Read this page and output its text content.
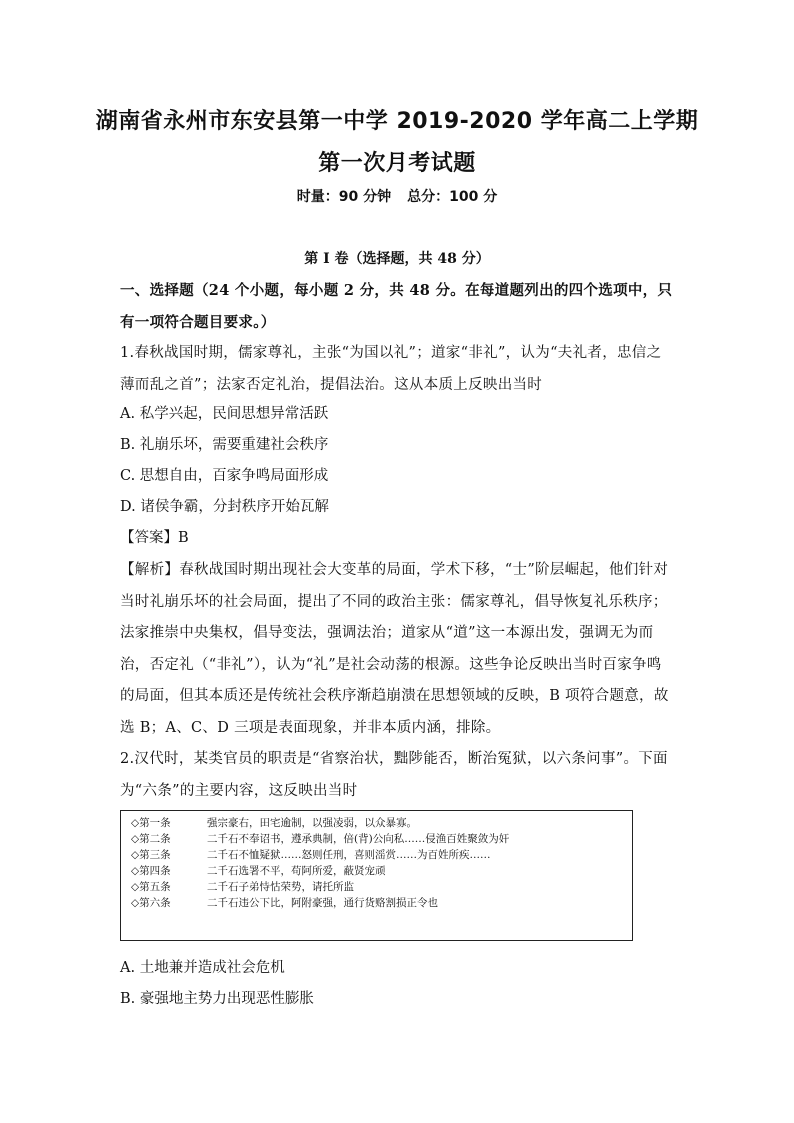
湖南省永州市东安县第一中学 2019-2020 学年高二上学期
第一次月考试题
时量：90 分钟 总分：100 分
第 I 卷（选择题，共 48 分）
一、选择题（24 个小题，每小题 2 分，共 48 分。在每道题列出的四个选项中，只有一项符合题目要求。）
1.春秋战国时期，儒家尊礼，主张“为国以礼”；道家“非礼”，认为“夫礼者，忠信之薄而乱之首”；法家否定礼治，提倡法治。这从本质上反映出当时
A. 私学兴起，民间思想异常活跃
B. 礼崩乐坏，需要重建社会秩序
C. 思想自由，百家争鸣局面形成
D. 诸侯争霸，分封秩序开始瓦解
【答案】B
【解析】春秋战国时期出现社会大变革的局面，学术下移，“士”阶层崛起，他们针对当时礼崩乐坏的社会局面，提出了不同的政治主张：儒家尊礼，倡导恢复礼乐秩序；法家推崇中央集权，倡导变法，强调法治；道家从“道”这一本源出发，强调无为而治，否定礼（“非礼”），认为“礼”是社会动荡的根源。这些争论反映出当时百家争鸣的局面，但其本质还是传统社会秩序渐趋崩溃在思想领域的反映，B 项符合题意，故选 B；A、C、D 三项是表面现象，并非本质内涵，排除。
2.汉代时，某类官员的职责是“省察治状，黜陟能否，断治冤狱，以六条问事”。下面为“六条”的主要内容，这反映出当时
◇第一条	强宗豪右，田宅逾制，以强凌弱，以众暴寡。
◇第二条	二千石不奉诏书，遵承典制，倍(背)公向私……侵渔百姓聚敛为奸
◇第三条	二千石不恤疑狱……怒则任刑，喜则滛赏……为百姓所疾……
◇第四条	二千石选署不平，苟阿所爱，蔽贤宠顽
◇第五条	二千石子弟恃怙荣势，请托所监
◇第六条	二千石违公下比，阿附豪强，通行货赂割损正令也
A. 土地兼并造成社会危机
B. 豪强地主势力出现恶性膨胀
